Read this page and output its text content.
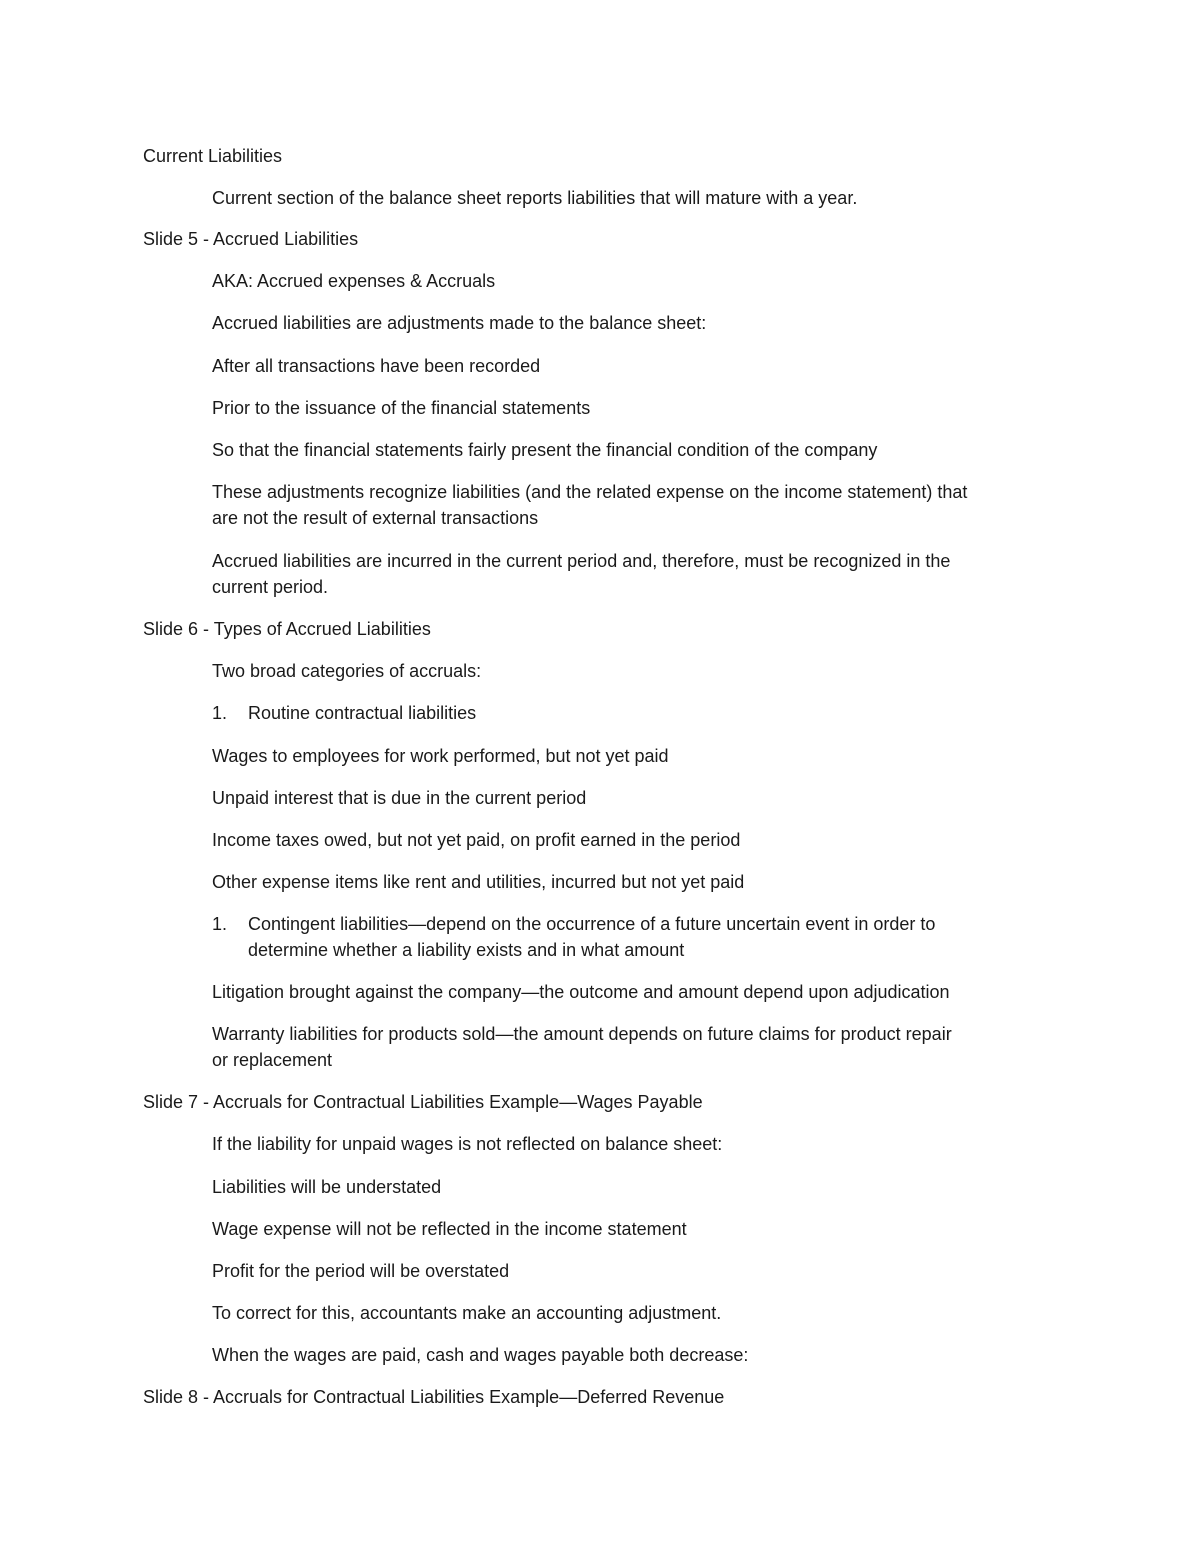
Current Liabilities
Current section of the balance sheet reports liabilities that will mature with a year.
Slide 5 - Accrued Liabilities
AKA: Accrued expenses & Accruals
Accrued liabilities are adjustments made to the balance sheet:
After all transactions have been recorded
Prior to the issuance of the financial statements
So that the financial statements fairly present the financial condition of the company
These adjustments recognize liabilities (and the related expense on the income statement) that
are not the result of external transactions
Accrued liabilities are incurred in the current period and, therefore, must be recognized in the
current period.
Slide 6 - Types of Accrued Liabilities
Two broad categories of accruals:
1. Routine contractual liabilities
Wages to employees for work performed, but not yet paid
Unpaid interest that is due in the current period
Income taxes owed, but not yet paid, on profit earned in the period
Other expense items like rent and utilities, incurred but not yet paid
1. Contingent liabilities—depend on the occurrence of a future uncertain event in order to
determine whether a liability exists and in what amount
Litigation brought against the company—the outcome and amount depend upon adjudication
Warranty liabilities for products sold—the amount depends on future claims for product repair
or replacement
Slide 7 - Accruals for Contractual Liabilities Example—Wages Payable
If the liability for unpaid wages is not reflected on balance sheet:
Liabilities will be understated
Wage expense will not be reflected in the income statement
Profit for the period will be overstated
To correct for this, accountants make an accounting adjustment.
When the wages are paid, cash and wages payable both decrease:
Slide 8 - Accruals for Contractual Liabilities Example—Deferred Revenue
